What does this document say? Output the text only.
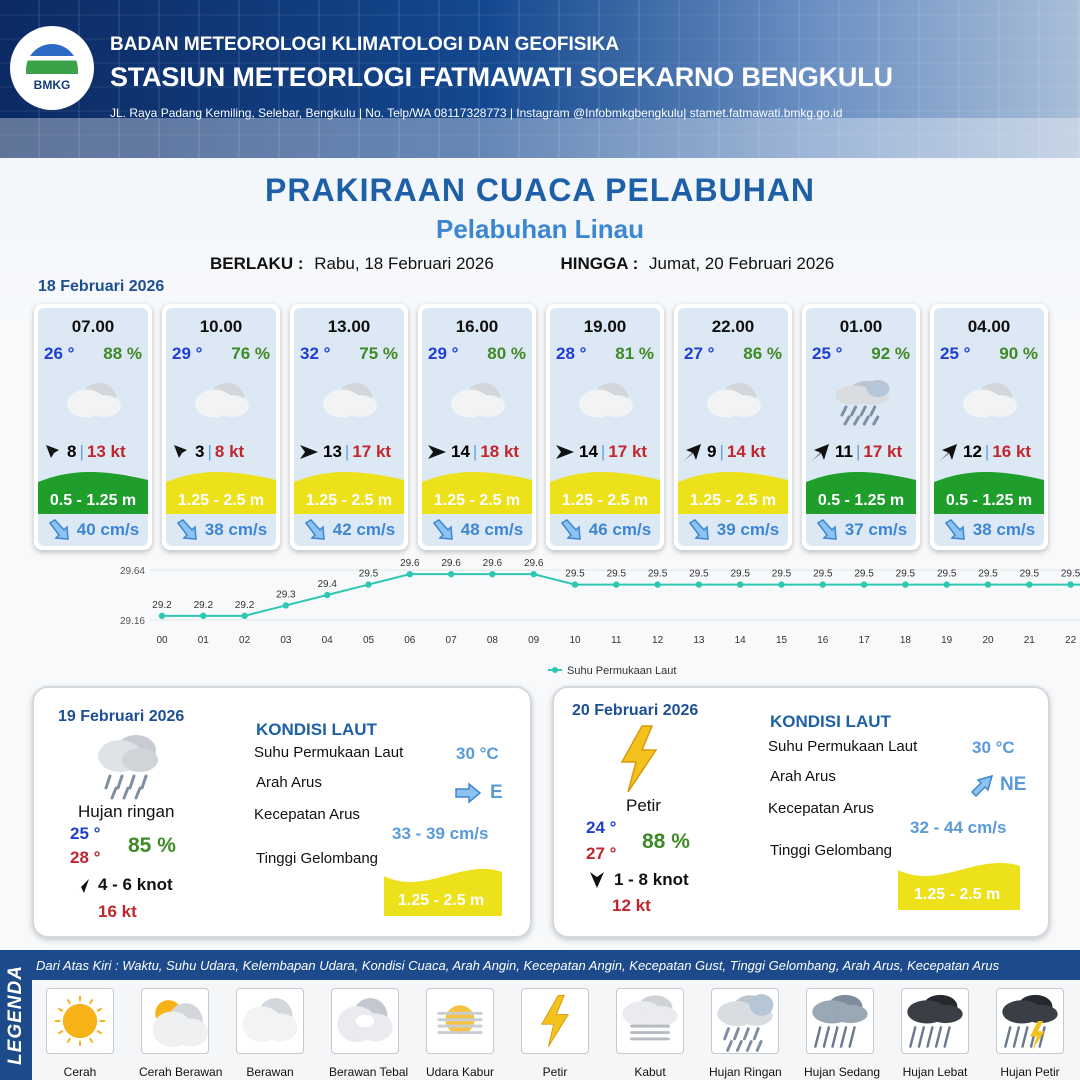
BMKG
BADAN METEOROLOGI KLIMATOLOGI DAN GEOFISIKA
STASIUN METEORLOGI FATMAWATI SOEKARNO BENGKULU
JL. Raya Padang Kemiling, Selebar, Bengkulu | No. Telp/WA 08117328773 | Instagram @Infobmkgbengkulu| stamet.fatmawati.bmkg.go.id
PRAKIRAAN CUACA PELABUHAN
Pelabuhan Linau
BERLAKU : Rabu, 18 Februari 2026	HINGGA : Jumat, 20 Februari 2026
18 Februari 2026
07.00
26 ° 88 %
8 | 13 kt
0.5 - 1.25 m
40 cm/s
10.00
29 ° 76 %
3 | 8 kt
1.25 - 2.5 m
38 cm/s
13.00
32 ° 75 %
13 | 17 kt
1.25 - 2.5 m
42 cm/s
16.00
29 ° 80 %
14 | 18 kt
1.25 - 2.5 m
48 cm/s
19.00
28 ° 81 %
14 | 17 kt
1.25 - 2.5 m
46 cm/s
22.00
27 ° 86 %
9 | 14 kt
1.25 - 2.5 m
39 cm/s
01.00
25 ° 92 %
11 | 17 kt
0.5 - 1.25 m
37 cm/s
04.00
25 ° 90 %
12 | 16 kt
0.5 - 1.25 m
38 cm/s
29.64
29.16
29.2
00
29.2
01
29.2
02
29.3
03
29.4
04
29.5
05
29.6
06
29.6
07
29.6
08
29.6
09
29.5
10
29.5
11
29.5
12
29.5
13
29.5
14
29.5
15
29.5
16
29.5
17
29.5
18
29.5
19
29.5
20
29.5
21
29.5
22
Suhu Permukaan Laut
19 Februari 2026
Hujan ringan
25 °
28 °
85 %
4 - 6 knot
16 kt
KONDISI LAUT
Suhu Permukaan Laut	30 °C
Arah Arus	E
Kecepatan Arus
33 - 39 cm/s
Tinggi Gelombang
1.25 - 2.5 m
20 Februari 2026
Petir
24 °
27 °
88 %
1 - 8 knot
12 kt
KONDISI LAUT
Suhu Permukaan Laut	30 °C
Arah Arus	NE
Kecepatan Arus
32 - 44 cm/s
Tinggi Gelombang
1.25 - 2.5 m
LEGENDA Dari Atas Kiri : Waktu, Suhu Udara, Kelembapan Udara, Kondisi Cuaca, Arah Angin, Kecepatan Angin, Kecepatan Gust, Tinggi Gelombang, Arah Arus, Kecepatan Arus
Cerah	Cerah Berawan	Berawan	Berawan Tebal Udara Kabur	Petir	Kabut	Hujan Ringan Hujan Sedang	Hujan Lebat	Hujan Petir
